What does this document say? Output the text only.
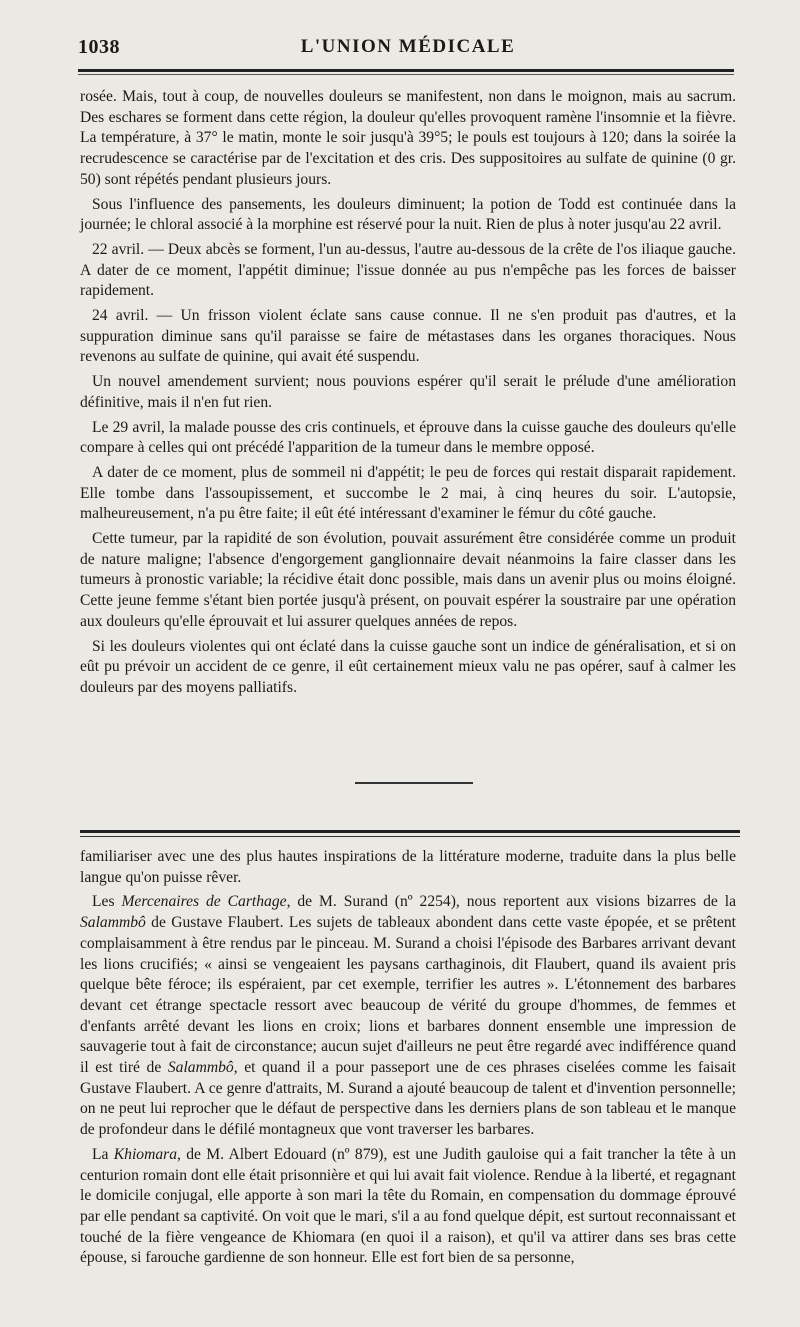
1038	L'UNION MÉDICALE

rosée. Mais, tout à coup, de nouvelles douleurs se manifestent, non dans le moignon, mais au sacrum. Des eschares se forment dans cette région, la douleur qu'elles provoquent ramène l'insomnie et la fièvre. La température, à 37° le matin, monte le soir jusqu'à 39°5; le pouls est toujours à 120; dans la soirée la recrudescence se caractérise par de l'excitation et des cris. Des suppositoires au sulfate de quinine (0 gr. 50) sont répétés pendant plusieurs jours.

Sous l'influence des pansements, les douleurs diminuent; la potion de Todd est continuée dans la journée; le chloral associé à la morphine est réservé pour la nuit. Rien de plus à noter jusqu'au 22 avril.

22 avril. — Deux abcès se forment, l'un au-dessus, l'autre au-dessous de la crête de l'os iliaque gauche. A dater de ce moment, l'appétit diminue; l'issue donnée au pus n'empêche pas les forces de baisser rapidement.

24 avril. — Un frisson violent éclate sans cause connue. Il ne s'en produit pas d'autres, et la suppuration diminue sans qu'il paraisse se faire de métastases dans les organes thoraciques. Nous revenons au sulfate de quinine, qui avait été suspendu.

Un nouvel amendement survient; nous pouvions espérer qu'il serait le prélude d'une amélioration définitive, mais il n'en fut rien.

Le 29 avril, la malade pousse des cris continuels, et éprouve dans la cuisse gauche des douleurs qu'elle compare à celles qui ont précédé l'apparition de la tumeur dans le membre opposé.

A dater de ce moment, plus de sommeil ni d'appétit; le peu de forces qui restait disparait rapidement. Elle tombe dans l'assoupissement, et succombe le 2 mai, à cinq heures du soir. L'autopsie, malheureusement, n'a pu être faite; il eût été intéressant d'examiner le fémur du côté gauche.

Cette tumeur, par la rapidité de son évolution, pouvait assurément être considérée comme un produit de nature maligne; l'absence d'engorgement ganglionnaire devait néanmoins la faire classer dans les tumeurs à pronostic variable; la récidive était donc possible, mais dans un avenir plus ou moins éloigné. Cette jeune femme s'étant bien portée jusqu'à présent, on pouvait espérer la soustraire par une opération aux douleurs qu'elle éprouvait et lui assurer quelques années de repos.

Si les douleurs violentes qui ont éclaté dans la cuisse gauche sont un indice de généralisation, et si on eût pu prévoir un accident de ce genre, il eût certainement mieux valu ne pas opérer, sauf à calmer les douleurs par des moyens palliatifs.

familiariser avec une des plus hautes inspirations de la littérature moderne, traduite dans la plus belle langue qu'on puisse rêver.

Les Mercenaires de Carthage, de M. Surand (nº 2254), nous reportent aux visions bizarres de la Salammbô de Gustave Flaubert. Les sujets de tableaux abondent dans cette vaste épopée, et se prêtent complaisamment à être rendus par le pinceau. M. Surand a choisi l'épisode des Barbares arrivant devant les lions crucifiés; « ainsi se vengeaient les paysans carthaginois, dit Flaubert, quand ils avaient pris quelque bête féroce; ils espéraient, par cet exemple, terrifier les autres ». L'étonnement des barbares devant cet étrange spectacle ressort avec beaucoup de vérité du groupe d'hommes, de femmes et d'enfants arrêté devant les lions en croix; lions et barbares donnent ensemble une impression de sauvagerie tout à fait de circonstance; aucun sujet d'ailleurs ne peut être regardé avec indifférence quand il est tiré de Salammbô, et quand il a pour passeport une de ces phrases ciselées comme les faisait Gustave Flaubert. A ce genre d'attraits, M. Surand a ajouté beaucoup de talent et d'invention personnelle; on ne peut lui reprocher que le défaut de perspective dans les derniers plans de son tableau et le manque de profondeur dans le défilé montagneux que vont traverser les barbares.

La Khiomara, de M. Albert Edouard (nº 879), est une Judith gauloise qui a fait trancher la tête à un centurion romain dont elle était prisonnière et qui lui avait fait violence. Rendue à la liberté, et regagnant le domicile conjugal, elle apporte à son mari la tête du Romain, en compensation du dommage éprouvé par elle pendant sa captivité. On voit que le mari, s'il a au fond quelque dépit, est surtout reconnaissant et touché de la fière vengeance de Khiomara (en quoi il a raison), et qu'il va attirer dans ses bras cette épouse, si farouche gardienne de son honneur. Elle est fort bien de sa personne,
